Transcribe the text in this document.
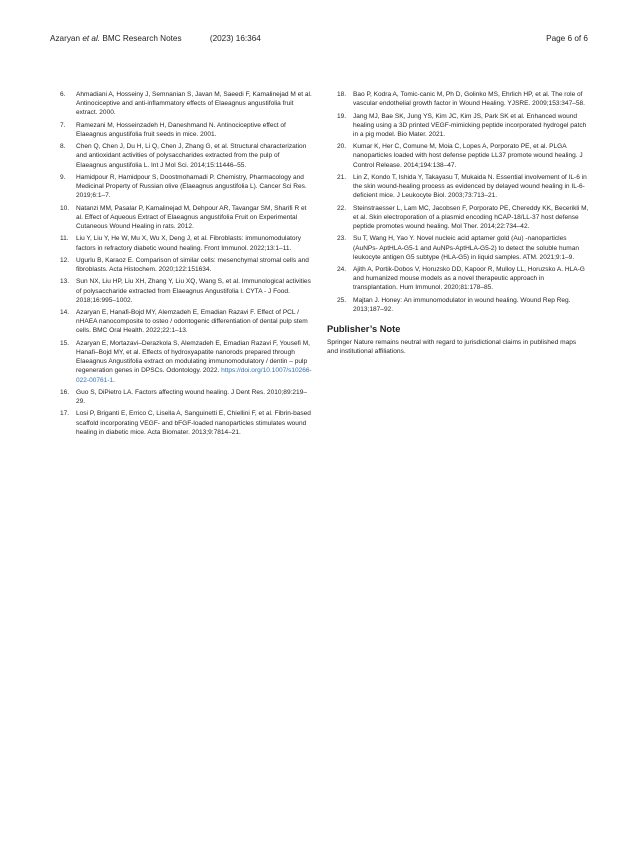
Azaryan et al. BMC Research Notes	(2023) 16:364	Page 6 of 6
6. Ahmadiani A, Hosseiny J, Semnanian S, Javan M, Saeedi F, Kamalinejad M et al. Antinociceptive and anti-inflammatory effects of Elaeagnus angustifolia fruit extract. 2000.
7. Ramezani M, Hosseinzadeh H, Daneshmand N. Antinociceptive effect of Elaeagnus angustifolia fruit seeds in mice. 2001.
8. Chen Q, Chen J, Du H, Li Q, Chen J, Zhang G, et al. Structural characterization and antioxidant activities of polysaccharides extracted from the pulp of Elaeagnus angustifolia L. Int J Mol Sci. 2014;15:11446–55.
9. Hamidpour R, Hamidpour S, Doostmohamadi P. Chemistry, Pharmacology and Medicinal Property of Russian olive (Elaeagnus angustifolia L). Cancer Sci Res. 2019;6:1–7.
10. Natanzi MM, Pasalar P, Kamalinejad M, Dehpour AR, Tavangar SM, Sharifi R et al. Effect of Aqueous Extract of Elaeagnus angustifolia Fruit on Experimental Cutaneous Wound Healing in rats. 2012.
11. Liu Y, Liu Y, He W, Mu X, Wu X, Deng J, et al. Fibroblasts: immunomodulatory factors in refractory diabetic wound healing. Front Immunol. 2022;13:1–11.
12. Ugurlu B, Karaoz E. Comparison of similar cells: mesenchymal stromal cells and fibroblasts. Acta Histochem. 2020;122:151634.
13. Sun NX, Liu HP, Liu XH, Zhang Y, Liu XQ, Wang S, et al. Immunological activities of polysaccharide extracted from Elaeagnus Angustifolia l. CYTA - J Food. 2018;16:995–1002.
14. Azaryan E, Hanafi-Bojd MY, Alemzadeh E, Emadian Razavi F. Effect of PCL / nHAEA nanocomposite to osteo / odontogenic differentiation of dental pulp stem cells. BMC Oral Health. 2022;22:1–13.
15. Azaryan E, Mortazavi–Derazkola S, Alemzadeh E, Emadian Razavi F, Yousefi M, Hanafi–Bojd MY, et al. Effects of hydroxyapatite nanorods prepared through Elaeagnus Angustifolia extract on modulating immunomodulatory / dentin – pulp regeneration genes in DPSCs. Odontology. 2022. https://doi.org/10.1007/s10266-022-00761-1.
16. Guo S, DiPietro LA. Factors affecting wound healing. J Dent Res. 2010;89:219–29.
17. Losi P, Briganti E, Errico C, Lisella A, Sanguinetti E, Chiellini F, et al. Fibrin-based scaffold incorporating VEGF- and bFGF-loaded nanoparticles stimulates wound healing in diabetic mice. Acta Biomater. 2013;9:7814–21.
18. Bao P, Kodra A, Tomic-canic M, Ph D, Golinko MS, Ehrlich HP, et al. The role of vascular endothelial growth factor in Wound Healing. YJSRE. 2009;153:347–58.
19. Jang MJ, Bae SK, Jung YS, Kim JC, Kim JS, Park SK et al. Enhanced wound healing using a 3D printed VEGF-mimicking peptide incorporated hydrogel patch in a pig model. Bio Mater. 2021.
20. Kumar K, Her C, Comune M, Moia C, Lopes A, Porporato PE, et al. PLGA nanoparticles loaded with host defense peptide LL37 promote wound healing. J Control Release. 2014;194:138–47.
21. Lin Z, Kondo T, Ishida Y, Takayasu T, Mukaida N. Essential involvement of IL-6 in the skin wound-healing process as evidenced by delayed wound healing in IL-6-deficient mice. J Leukocyte Biol. 2003;73:713–21.
22. Steinstraesser L, Lam MC, Jacobsen F, Porporato PE, Chereddy KK, Becerikli M, et al. Skin electroporation of a plasmid encoding hCAP-18/LL-37 host defense peptide promotes wound healing. Mol Ther. 2014;22:734–42.
23. Su T, Wang H, Yao Y. Novel nucleic acid aptamer gold (Au) -nanoparticles (AuNPs- AptHLA-G5-1 and AuNPs-AptHLA-G5-2) to detect the soluble human leukocyte antigen G5 subtype (HLA-G5) in liquid samples. ATM. 2021;9:1–9.
24. Ajith A, Portik-Dobos V, Horuzsko DD, Kapoor R, Mulloy LL, Horuzsko A. HLA-G and humanized mouse models as a novel therapeutic approach in transplantation. Hum Immunol. 2020;81:178–85.
25. Majtan J. Honey: An immunomodulator in wound healing. Wound Rep Reg. 2013;187–92.
Publisher’s Note
Springer Nature remains neutral with regard to jurisdictional claims in published maps and institutional affiliations.
